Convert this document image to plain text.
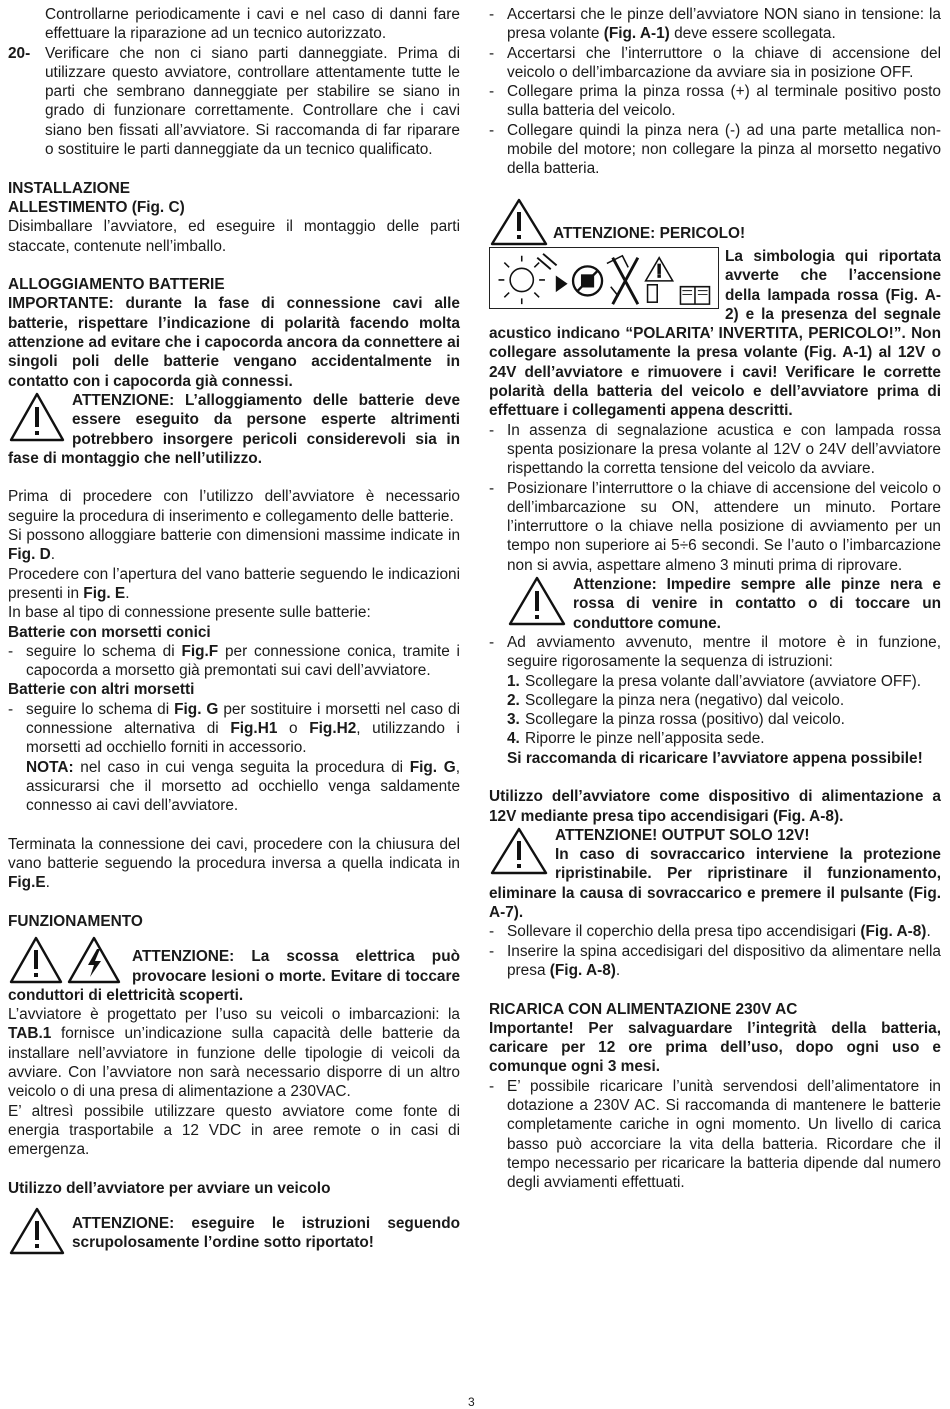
Controllarne periodicamente i cavi e nel caso di danni fare effettuare la riparazione ad un tecnico autorizzato.

20- Verificare che non ci siano parti danneggiate. Prima di utilizzare questo avviatore, controllare attentamente tutte le parti che sembrano danneggiate per stabilire se siano in grado di funzionare correttamente. Controllare che i cavi siano ben fissati all’avviatore. Si raccomanda di far riparare o sostituire le parti danneggiate da un tecnico qualificato.

INSTALLAZIONE

ALLESTIMENTO (Fig. C)

Disimballare l’avviatore, ed eseguire il montaggio delle parti staccate, contenute nell’imballo.

ALLOGGIAMENTO BATTERIE

IMPORTANTE: durante la fase di connessione cavi alle batterie, rispettare l’indicazione di polarità facendo molta attenzione ad evitare che i capocorda ancora da connettere ai singoli poli delle batterie vengano accidentalmente in contatto con i capocorda già connessi.

ATTENZIONE: L’alloggiamento delle batterie deve essere eseguito da persone esperte altrimenti potrebbero insorgere pericoli considerevoli sia in fase di montaggio che nell’utilizzo.

Prima di procedere con l’utilizzo dell’avviatore è necessario seguire la procedura di inserimento e collegamento delle batterie.

Si possono alloggiare batterie con dimensioni massime indicate in Fig. D.

Procedere con l’apertura del vano batterie seguendo le indicazioni presenti in Fig. E.

In base al tipo di connessione presente sulle batterie:

Batterie con morsetti conici

- seguire lo schema di Fig.F per connessione conica, tramite i capocorda a morsetto già premontati sui cavi dell’avviatore.

Batterie con altri morsetti

- seguire lo schema di Fig. G per sostituire i morsetti nel caso di connessione alternativa di Fig.H1 o Fig.H2, utilizzando i morsetti ad occhiello forniti in accessorio.
NOTA: nel caso in cui venga seguita la procedura di Fig. G, assicurarsi che il morsetto ad occhiello venga saldamente connesso ai cavi dell’avviatore.

Terminata la connessione dei cavi, procedere con la chiusura del vano batterie seguendo la procedura inversa a quella indicata in Fig.E.

FUNZIONAMENTO

ATTENZIONE: La scossa elettrica può provocare lesioni o morte. Evitare di toccare conduttori di elettricità scoperti.

L’avviatore è progettato per l’uso su veicoli o imbarcazioni: la TAB.1 fornisce un’indicazione sulla capacità delle batterie da installare nell’avviatore in funzione delle tipologie di veicoli da avviare. Con l’avviatore non sarà necessario disporre di un altro veicolo o di una presa di alimentazione a 230VAC.

E’ altresì possibile utilizzare questo avviatore come fonte di energia trasportabile a 12 VDC in aree remote o in casi di emergenza.

Utilizzo dell’avviatore per avviare un veicolo

ATTENZIONE: eseguire le istruzioni seguendo scrupolosamente l’ordine sotto riportato!

- Accertarsi che le pinze dell’avviatore NON siano in tensione: la presa volante (Fig. A-1) deve essere scollegata.
- Accertarsi che l’interruttore o la chiave di accensione del veicolo o dell’imbarcazione da avviare sia in posizione OFF.
- Collegare prima la pinza rossa (+) al terminale positivo posto sulla batteria del veicolo.
- Collegare quindi la pinza nera (-) ad una parte metallica non-mobile del motore; non collegare la pinza al morsetto negativo della batteria.

ATTENZIONE: PERICOLO!

La simbologia qui riportata avverte che l’accensione della lampada rossa (Fig. A-2) e la presenza del segnale acustico indicano “POLARITA’ INVERTITA, PERICOLO!”. Non collegare assolutamente la presa volante (Fig. A-1) al 12V o 24V dell’avviatore e rimuovere i cavi! Verificare le corrette polarità della batteria del veicolo e dell’avviatore prima di effettuare i collegamenti appena descritti.

- In assenza di segnalazione acustica e con lampada rossa spenta posizionare la presa volante al 12V o 24V dell’avviatore rispettando la corretta tensione del veicolo da avviare.
- Posizionare l’interruttore o la chiave di accensione del veicolo o dell’imbarcazione su ON, attendere un minuto. Portare l’interruttore o la chiave nella posizione di avviamento per un tempo non superiore ai 5÷6 secondi. Se l’auto o l’imbarcazione non si avvia, aspettare almeno 3 minuti prima di riprovare.

Attenzione: Impedire sempre alle pinze nera e rossa di venire in contatto o di toccare un conduttore comune.

- Ad avviamento avvenuto, mentre il motore è in funzione, seguire rigorosamente la sequenza di istruzioni:
1. Scollegare la presa volante dall’avviatore (avviatore OFF).
2. Scollegare la pinza nera (negativo) dal veicolo.
3. Scollegare la pinza rossa (positivo) dal veicolo.
4. Riporre le pinze nell’apposita sede.

Si raccomanda di ricaricare l’avviatore appena possibile!

Utilizzo dell’avviatore come dispositivo di alimentazione a 12V mediante presa tipo accendisigari (Fig. A-8).

ATTENZIONE! OUTPUT SOLO 12V!

In caso di sovraccarico interviene la protezione ripristinabile. Per ripristinare il funzionamento, eliminare la causa di sovraccarico e premere il pulsante (Fig. A-7).

- Sollevare il coperchio della presa tipo accendisigari (Fig. A-8).
- Inserire la spina accedisigari del dispositivo da alimentare nella presa (Fig. A-8).

RICARICA CON ALIMENTAZIONE 230V AC

Importante! Per salvaguardare l’integrità della batteria, caricare per 12 ore prima dell’uso, dopo ogni uso e comunque ogni 3 mesi.

- E’ possibile ricaricare l’unità servendosi dell’alimentatore in dotazione a 230V AC. Si raccomanda di mantenere le batterie completamente cariche in ogni momento. Un livello di carica basso può accorciare la vita della batteria. Ricordare che il tempo necessario per ricaricare la batteria dipende dal numero degli avviamenti effettuati.
3
